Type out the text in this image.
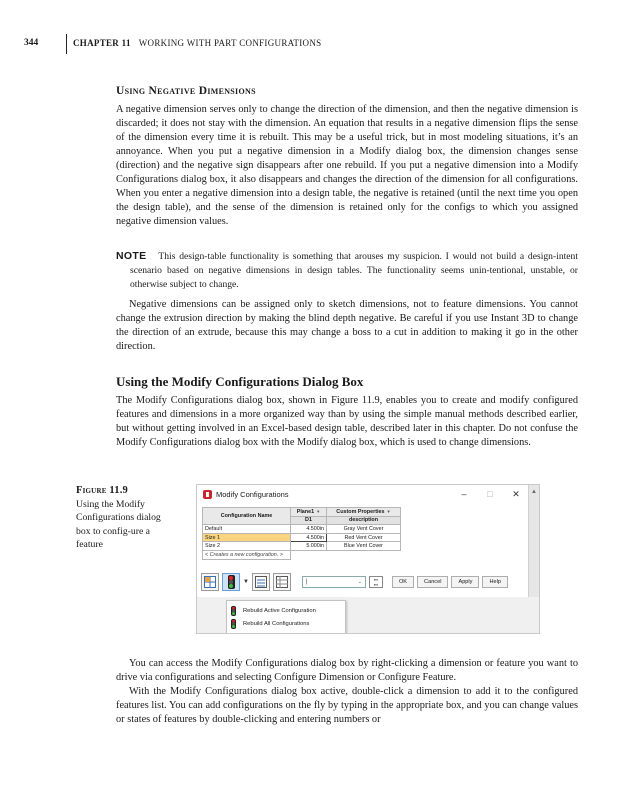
344	CHAPTER 11 WORKING WITH PART CONFIGURATIONS
Using Negative Dimensions

A negative dimension serves only to change the direction of the dimension, and then the negative dimension is discarded; it does not stay with the dimension. An equation that results in a negative dimension flips the sense of the dimension every time it is rebuilt. This may be a useful trick, but in most modeling situations, it’s an annoyance. When you put a negative dimension in a Modify dialog box, the dimension changes sense (direction) and the negative sign disappears after one rebuild. If you put a negative dimension into a Modify Configurations dialog box, it also disappears and changes the direction of the dimension for all configurations. When you enter a negative dimension into a design table, the negative is retained (until the next time you open the design table), and the sense of the dimension is retained only for the configs to which you assigned negative dimension values.

NOTE This design-table functionality is something that arouses my suspicion. I would not build a design-intent scenario based on negative dimensions in design tables. The functionality seems unin-tentional, unstable, or otherwise subject to change.

Negative dimensions can be assigned only to sketch dimensions, not to feature dimensions. You cannot change the extrusion direction by making the blind depth negative. Be careful if you use Instant 3D to change the direction of an extrude, because this may change a boss to a cut in addition to making it go in the other direction.

Using the Modify Configurations Dialog Box

The Modify Configurations dialog box, shown in Figure 11.9, enables you to create and modify configured features and dimensions in a more organized way than by using the simple manual methods described earlier, but without getting involved in an Excel-based design table, described later in this chapter. Do not confuse the Modify Configurations dialog box with the Modify dialog box, which is used to change dimensions.

Figure 11.9
Using the Modify Configurations dialog box to config-ure a feature
Modify Configurations	–	□	✕
Configuration Name	Plane1 ▼	Custom Properties ▼
	D1	description
Default	4.500in	Gray Vent Cover
Size 1	4.500in	Red Vent Cover
Size 2	5.000in	Blue Vent Cover
< Creates a new configuration. >		
▼	|	⌄	▪▪▪
▪▪▪	OK	Cancel	Apply	Help
▲
Rebuild Active Configuration
Rebuild All Configurations

You can access the Modify Configurations dialog box by right-clicking a dimension or feature you want to drive via configurations and selecting Configure Dimension or Configure Feature.

With the Modify Configurations dialog box active, double-click a dimension to add it to the configured features list. You can add configurations on the fly by typing in the appropriate box, and you can change values or states of features by double-clicking and entering numbers or
